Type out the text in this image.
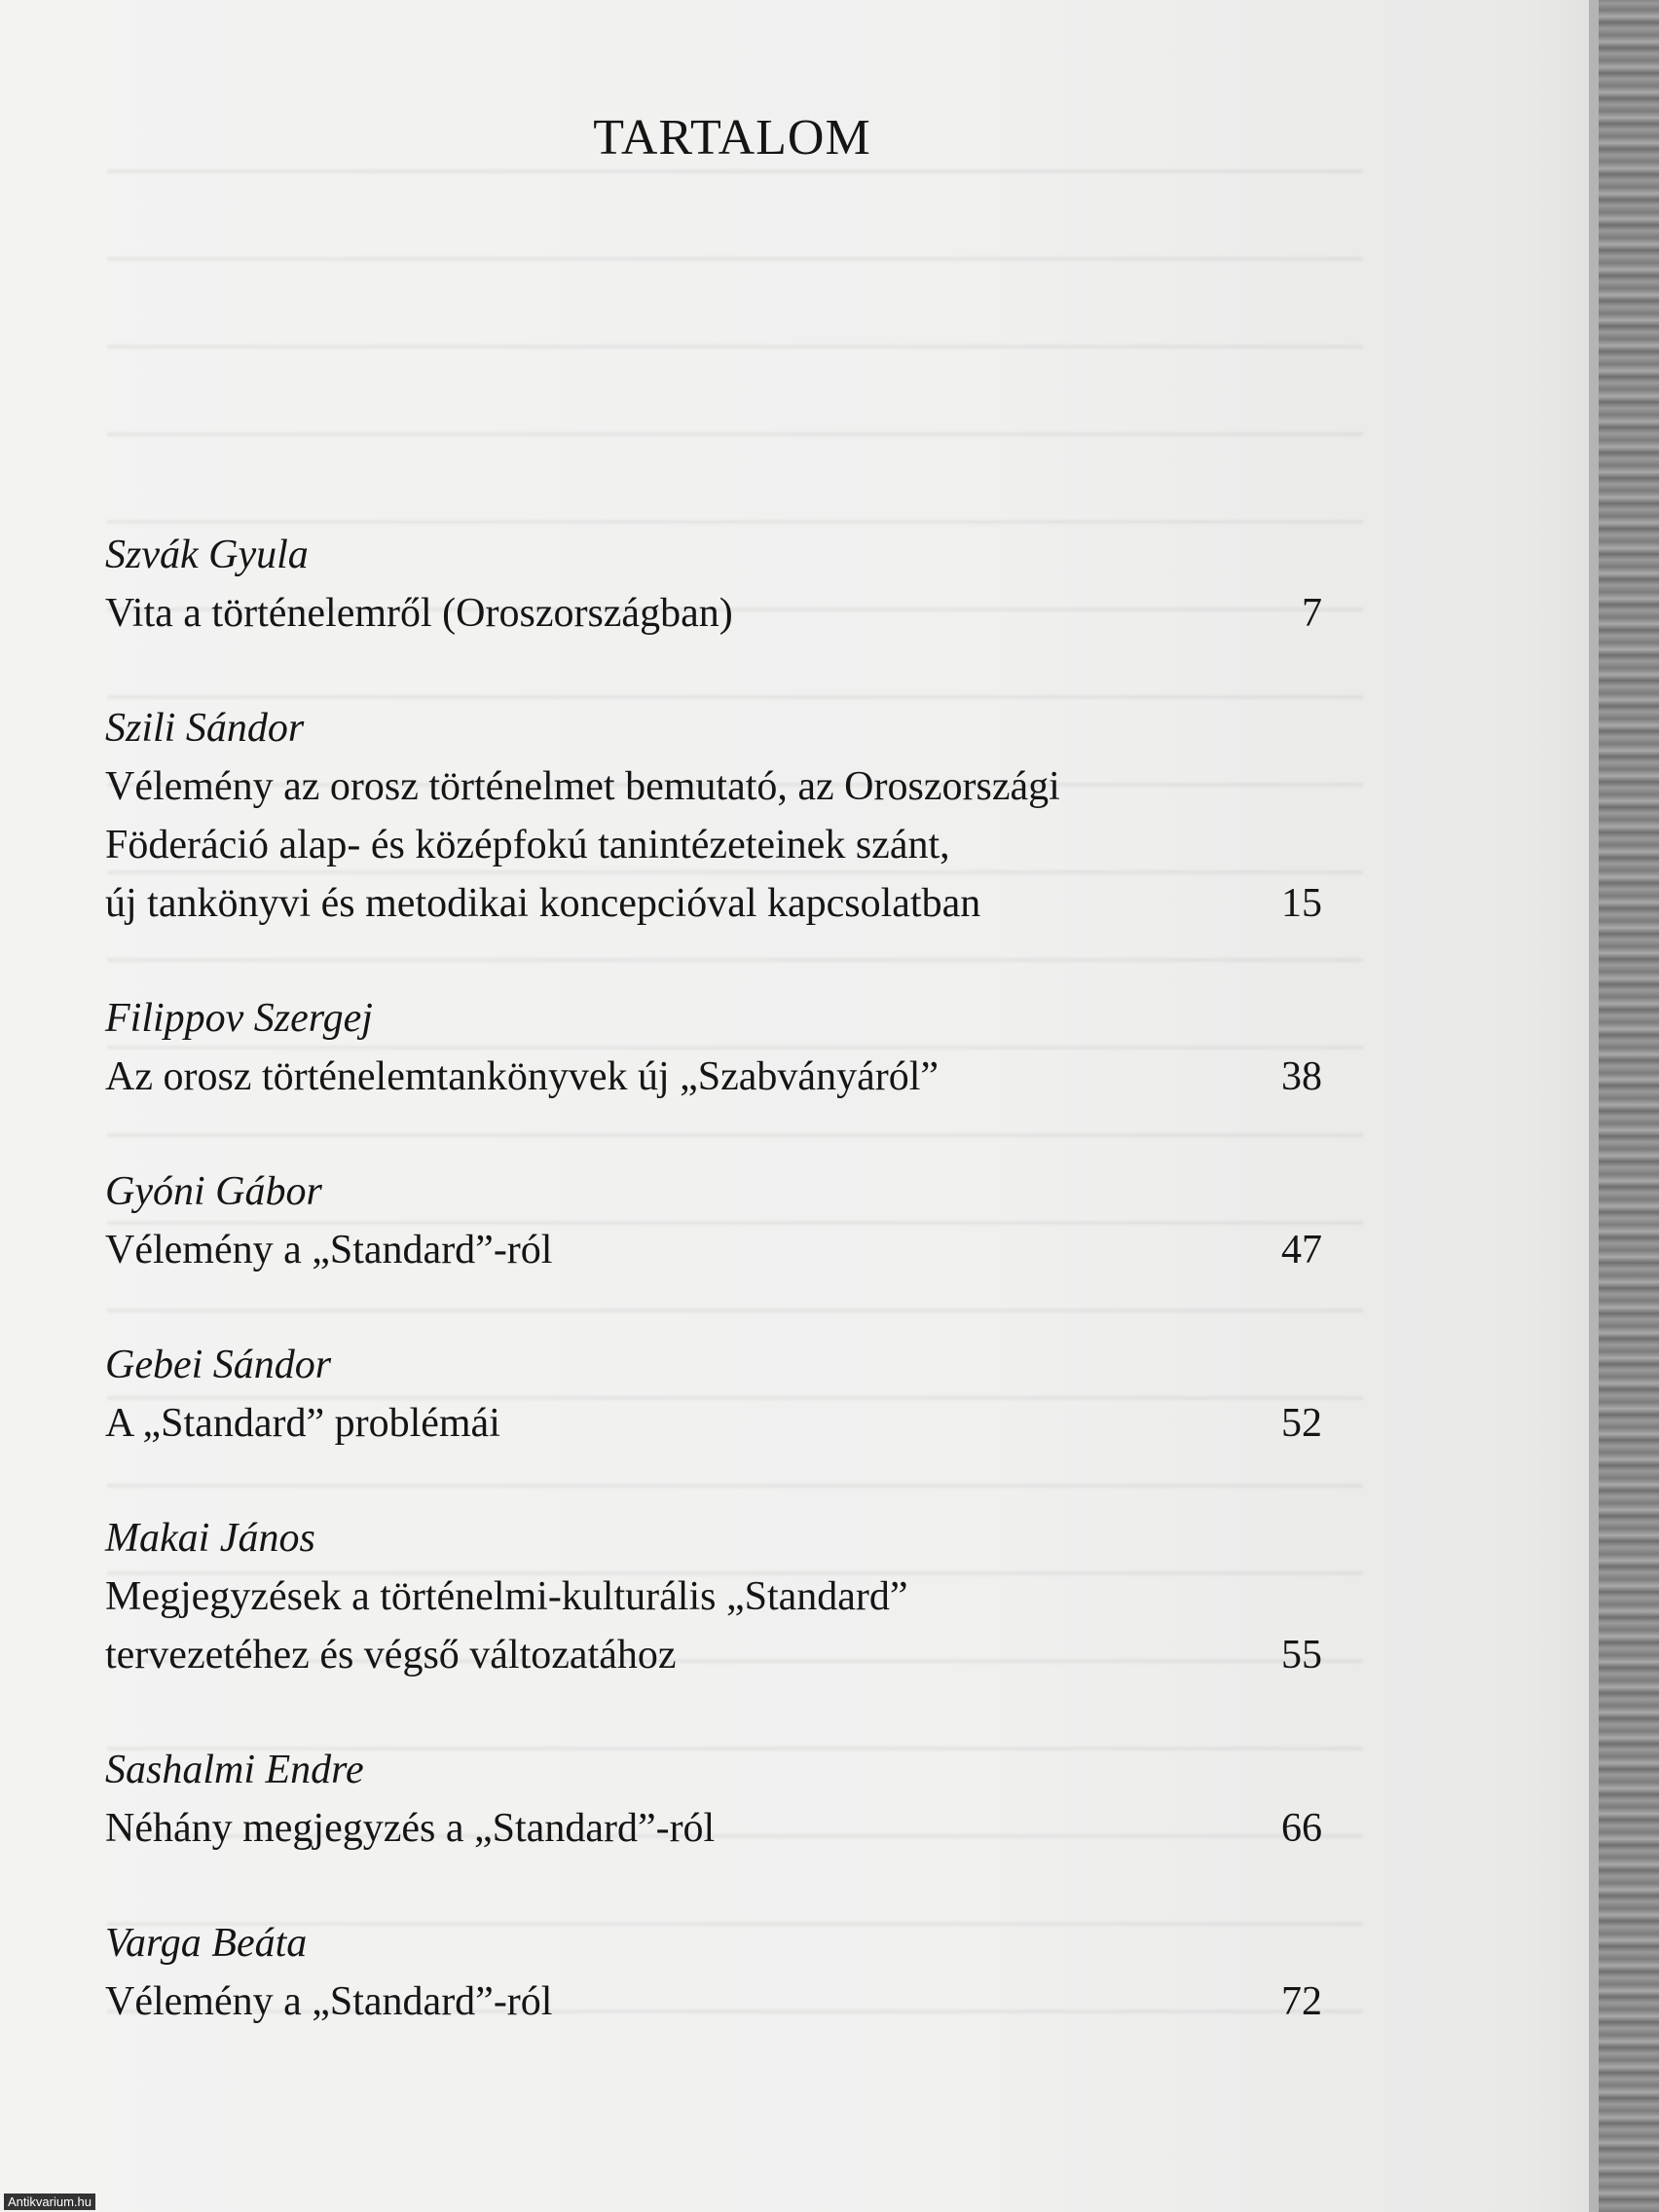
TARTALOM
Szvák Gyula
Vita a történelemről (Oroszországban)	7
Szili Sándor
Vélemény az orosz történelmet bemutató, az Oroszországi
Föderáció alap- és középfokú tanintézeteinek szánt,
új tankönyvi és metodikai koncepcióval kapcsolatban	15
Filippov Szergej
Az orosz történelemtankönyvek új „Szabványáról”	38
Gyóni Gábor
Vélemény a „Standard”-ról	47
Gebei Sándor
A „Standard” problémái	52
Makai János
Megjegyzések a történelmi-kulturális „Standard”
tervezetéhez és végső változatához	55
Sashalmi Endre
Néhány megjegyzés a „Standard”-ról	66
Varga Beáta
Vélemény a „Standard”-ról	72
Antikvarium.hu
